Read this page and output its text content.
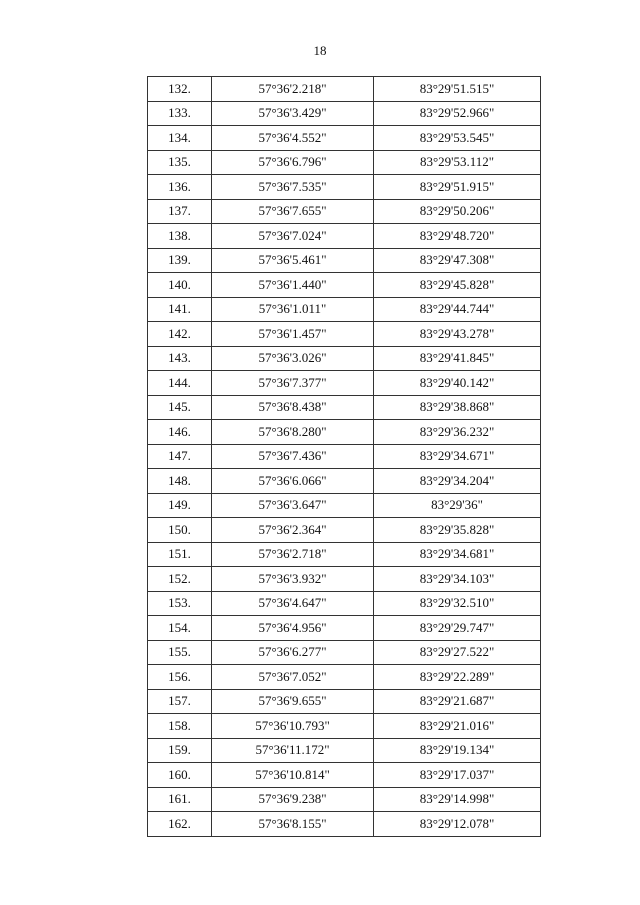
18
132.	57°36'2.218"	83°29'51.515"
133.	57°36'3.429"	83°29'52.966"
134.	57°36'4.552"	83°29'53.545"
135.	57°36'6.796"	83°29'53.112"
136.	57°36'7.535"	83°29'51.915"
137.	57°36'7.655"	83°29'50.206"
138.	57°36'7.024"	83°29'48.720"
139.	57°36'5.461"	83°29'47.308"
140.	57°36'1.440"	83°29'45.828"
141.	57°36'1.011"	83°29'44.744"
142.	57°36'1.457"	83°29'43.278"
143.	57°36'3.026"	83°29'41.845"
144.	57°36'7.377"	83°29'40.142"
145.	57°36'8.438"	83°29'38.868"
146.	57°36'8.280"	83°29'36.232"
147.	57°36'7.436"	83°29'34.671"
148.	57°36'6.066"	83°29'34.204"
149.	57°36'3.647"	83°29'36"
150.	57°36'2.364"	83°29'35.828"
151.	57°36'2.718"	83°29'34.681"
152.	57°36'3.932"	83°29'34.103"
153.	57°36'4.647"	83°29'32.510"
154.	57°36'4.956"	83°29'29.747"
155.	57°36'6.277"	83°29'27.522"
156.	57°36'7.052"	83°29'22.289"
157.	57°36'9.655"	83°29'21.687"
158.	57°36'10.793"	83°29'21.016"
159.	57°36'11.172"	83°29'19.134"
160.	57°36'10.814"	83°29'17.037"
161.	57°36'9.238"	83°29'14.998"
162.	57°36'8.155"	83°29'12.078"
